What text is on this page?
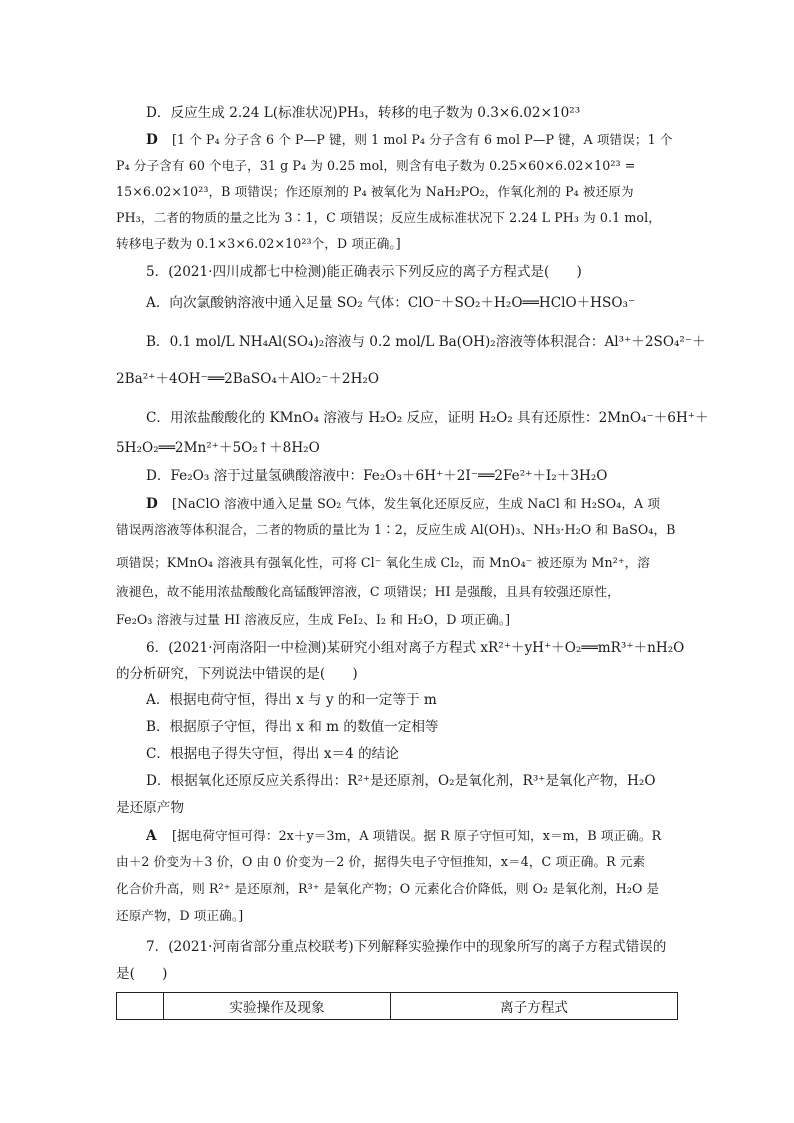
D．反应生成 2.24 L(标准状况)PH₃，转移的电子数为 0.3×6.02×10²³
D [1 个 P₄ 分子含 6 个 P—P 键，则 1 mol P₄ 分子含有 6 mol P—P 键，A 项错误；1 个
P₄ 分子含有 60 个电子，31 g P₄ 为 0.25 mol，则含有电子数为 0.25×60×6.02×10²³ =
15×6.02×10²³，B 项错误；作还原剂的 P₄ 被氧化为 NaH₂PO₂，作氧化剂的 P₄ 被还原为
PH₃，二者的物质的量之比为 3∶1，C 项错误；反应生成标准状况下 2.24 L PH₃ 为 0.1 mol，
转移电子数为 0.1×3×6.02×10²³个，D 项正确。]
5．(2021·四川成都七中检测)能正确表示下列反应的离子方程式是(　　)
A．向次氯酸钠溶液中通入足量 SO₂ 气体：ClO⁻＋SO₂＋H₂O══HClO＋HSO₃⁻
B．0.1 mol/L NH₄Al(SO₄)₂溶液与 0.2 mol/L Ba(OH)₂溶液等体积混合：Al³⁺＋2SO₄²⁻＋
2Ba²⁺＋4OH⁻══2BaSO₄＋AlO₂⁻＋2H₂O
C．用浓盐酸酸化的 KMnO₄ 溶液与 H₂O₂ 反应，证明 H₂O₂ 具有还原性：2MnO₄⁻＋6H⁺＋
5H₂O₂══2Mn²⁺＋5O₂↑＋8H₂O
D．Fe₂O₃ 溶于过量氢碘酸溶液中：Fe₂O₃＋6H⁺＋2I⁻══2Fe²⁺＋I₂＋3H₂O
D [NaClO 溶液中通入足量 SO₂ 气体，发生氧化还原反应，生成 NaCl 和 H₂SO₄，A 项
错误两溶液等体积混合，二者的物质的量比为 1∶2，反应生成 Al(OH)₃、NH₃·H₂O 和 BaSO₄，B
项错误；KMnO₄ 溶液具有强氧化性，可将 Cl⁻ 氧化生成 Cl₂，而 MnO₄⁻ 被还原为 Mn²⁺，溶
液褪色，故不能用浓盐酸酸化高锰酸钾溶液，C 项错误；HI 是强酸，且具有较强还原性，
Fe₂O₃ 溶液与过量 HI 溶液反应，生成 FeI₂、I₂ 和 H₂O，D 项正确。]
6．(2021·河南洛阳一中检测)某研究小组对离子方程式 xR²⁺＋yH⁺＋O₂══mR³⁺＋nH₂O
的分析研究，下列说法中错误的是(　　)
A．根据电荷守恒，得出 x 与 y 的和一定等于 m
B．根据原子守恒，得出 x 和 m 的数值一定相等
C．根据电子得失守恒，得出 x＝4 的结论
D．根据氧化还原反应关系得出：R²⁺是还原剂，O₂是氧化剂，R³⁺是氧化产物，H₂O
是还原产物
A [据电荷守恒可得：2x＋y＝3m，A 项错误。据 R 原子守恒可知，x＝m，B 项正确。R
由＋2 价变为＋3 价，O 由 0 价变为－2 价，据得失电子守恒推知，x＝4，C 项正确。R 元素
化合价升高，则 R²⁺ 是还原剂，R³⁺ 是氧化产物；O 元素化合价降低，则 O₂ 是氧化剂，H₂O 是
还原产物，D 项正确。]
7．(2021·河南省部分重点校联考)下列解释实验操作中的现象所写的离子方程式错误的
是(　　)
	实验操作及现象	离子方程式
